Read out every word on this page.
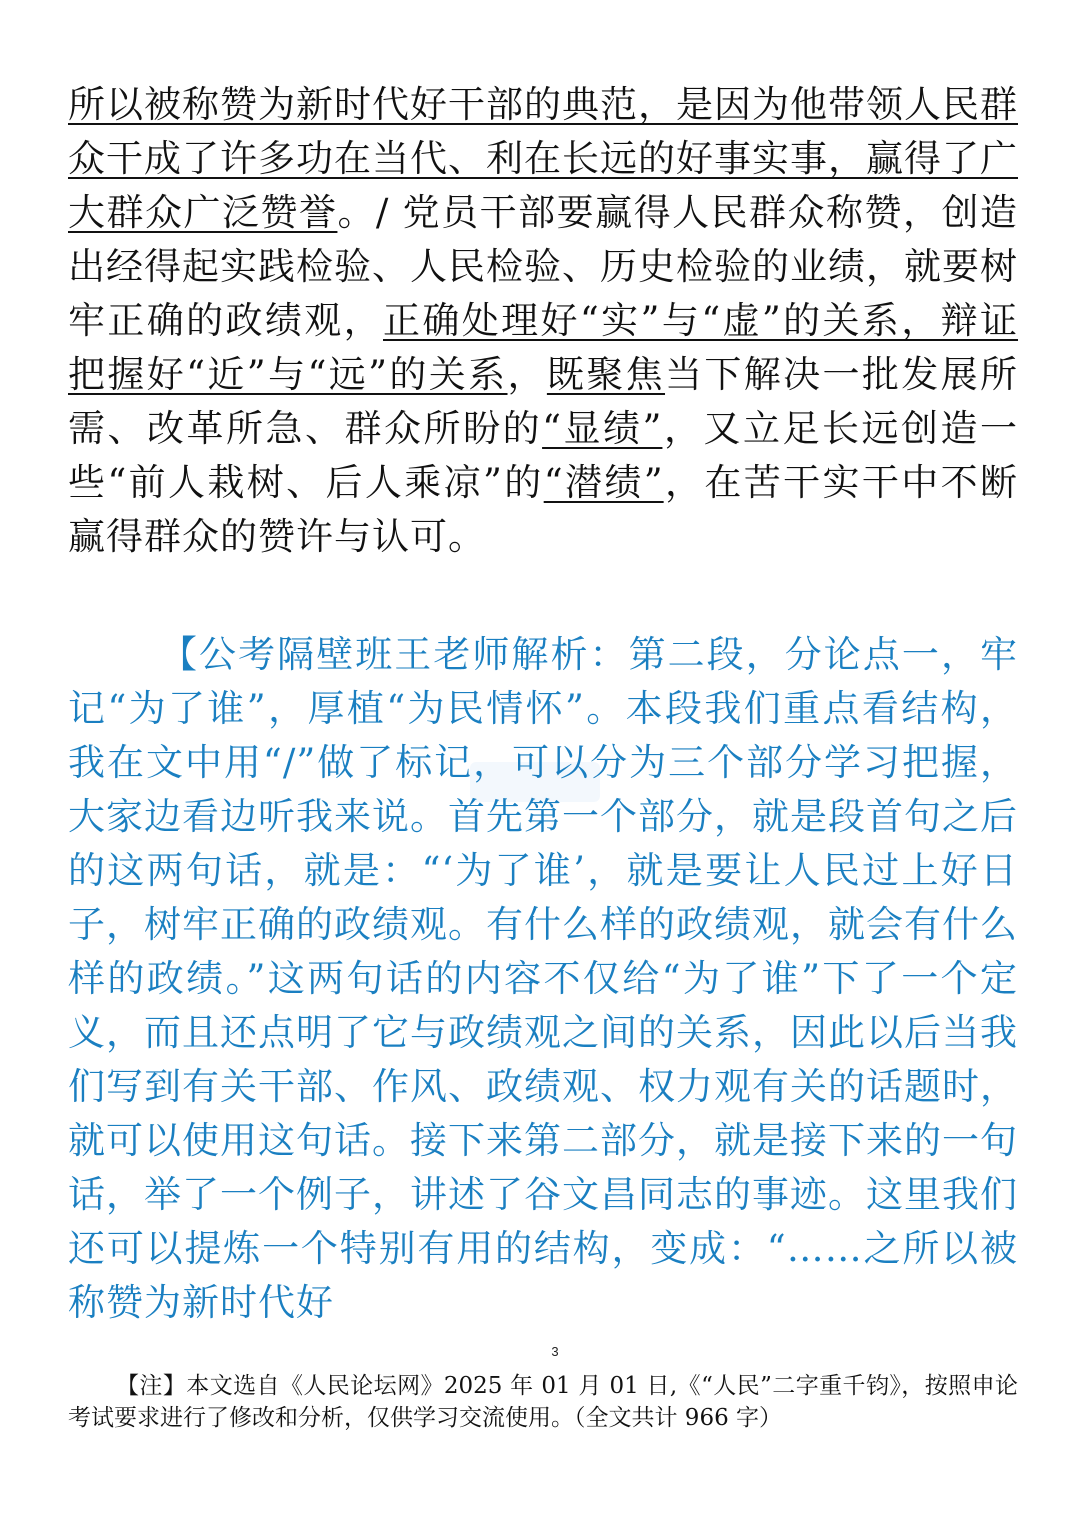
所以被称赞为新时代好干部的典范，是因为他带领人民群众干成了许多功在当代、利在长远的好事实事，赢得了广大群众广泛赞誉。/ 党员干部要赢得人民群众称赞，创造出经得起实践检验、人民检验、历史检验的业绩，就要树牢正确的政绩观，正确处理好“实”与“虚”的关系，辩证把握好“近”与“远”的关系，既聚焦当下解决一批发展所需、改革所急、群众所盼的“显绩”，又立足长远创造一些“前人栽树、后人乘凉”的“潜绩”，在苦干实干中不断赢得群众的赞许与认可。

【公考隔壁班王老师解析：第二段，分论点一，牢记“为了谁”，厚植“为民情怀”。本段我们重点看结构，我在文中用“/”做了标记，可以分为三个部分学习把握，大家边看边听我来说。首先第一个部分，就是段首句之后的这两句话，就是：“‘为了谁’，就是要让人民过上好日子，树牢正确的政绩观。有什么样的政绩观，就会有什么样的政绩。”这两句话的内容不仅给“为了谁”下了一个定义，而且还点明了它与政绩观之间的关系，因此以后当我们写到有关干部、作风、政绩观、权力观有关的话题时，就可以使用这句话。接下来第二部分，就是接下来的一句话，举了一个例子，讲述了谷文昌同志的事迹。这里我们还可以提炼一个特别有用的结构，变成：“……之所以被称赞为新时代好

3

【注】本文选自《人民论坛网》2025 年 01 月 01 日,《“人民”二字重千钧》，按照申论考试要求进行了修改和分析，仅供学习交流使用。（全文共计 966 字）
